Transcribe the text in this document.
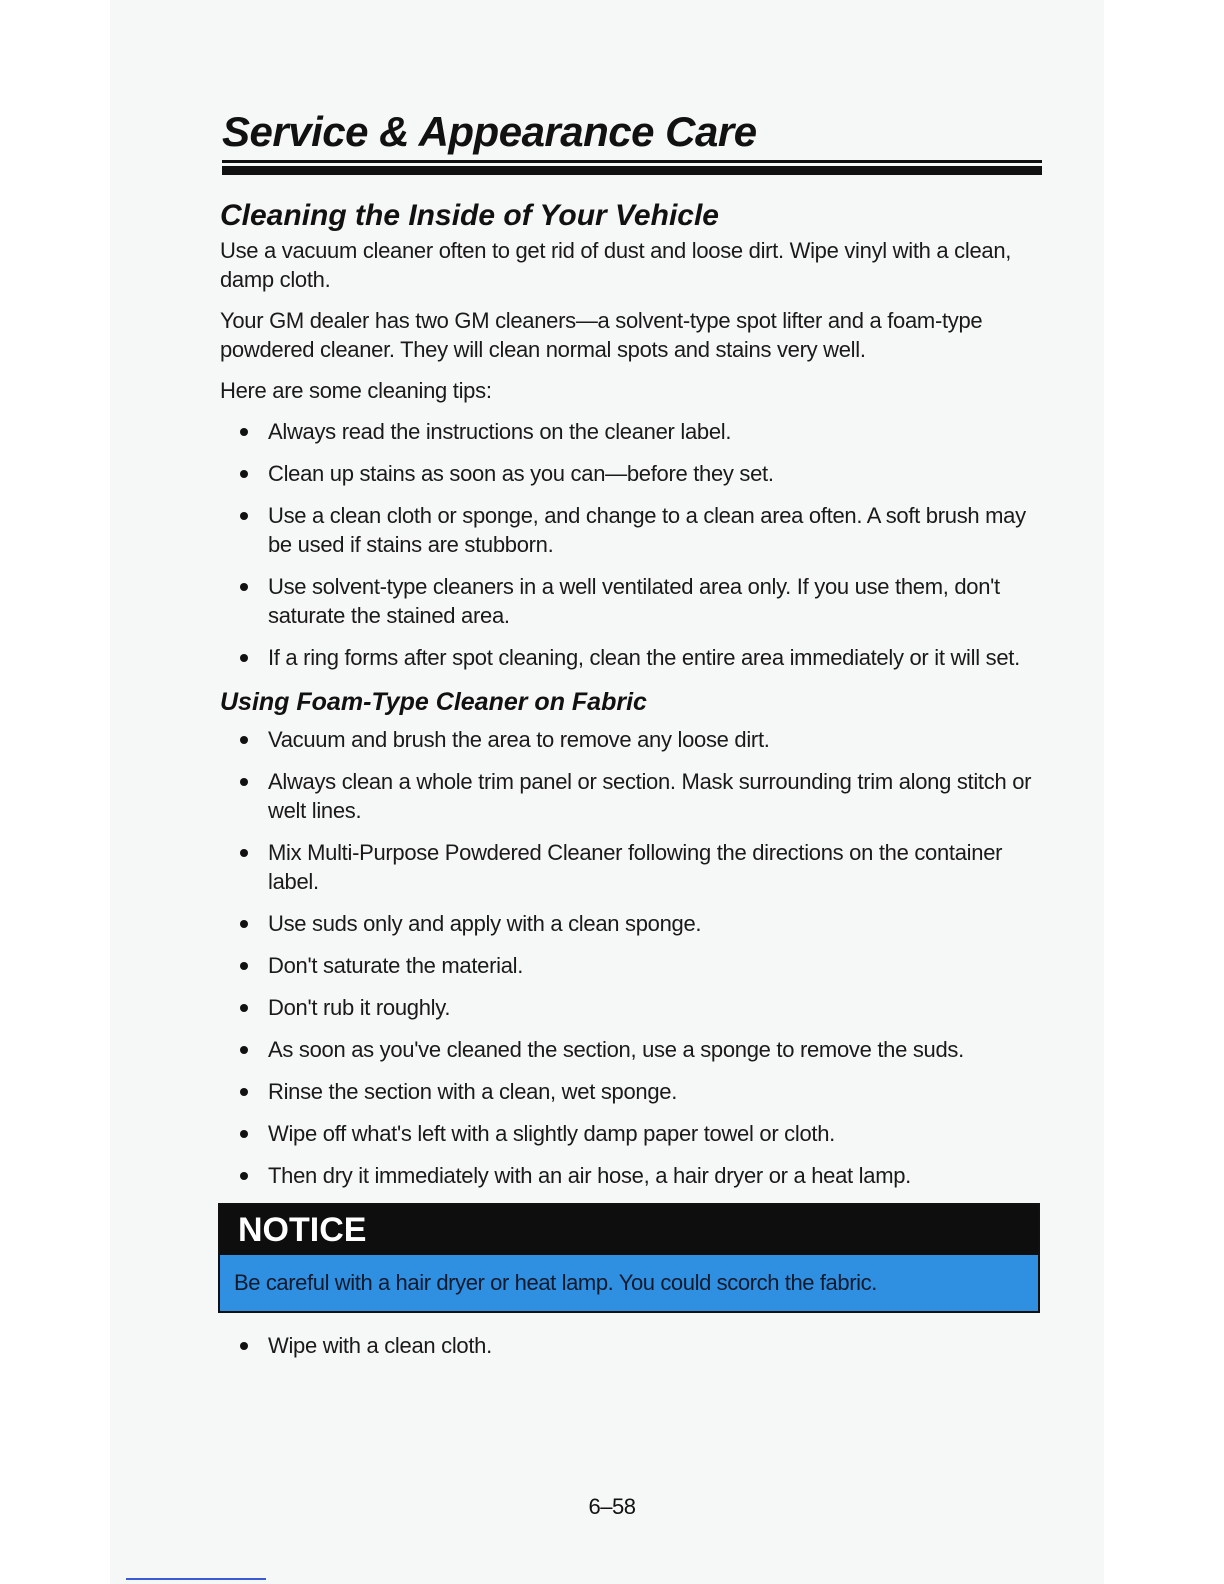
Service & Appearance Care
Cleaning the Inside of Your Vehicle

Use a vacuum cleaner often to get rid of dust and loose dirt. Wipe vinyl with a clean, damp cloth.

Your GM dealer has two GM cleaners—a solvent-type spot lifter and a foam-type powdered cleaner. They will clean normal spots and stains very well.

Here are some cleaning tips:

Always read the instructions on the cleaner label.
Clean up stains as soon as you can—before they set.
Use a clean cloth or sponge, and change to a clean area often. A soft brush may be used if stains are stubborn.
Use solvent-type cleaners in a well ventilated area only. If you use them, don't saturate the stained area.
If a ring forms after spot cleaning, clean the entire area immediately or it will set.
Using Foam-Type Cleaner on Fabric
Vacuum and brush the area to remove any loose dirt.
Always clean a whole trim panel or section. Mask surrounding trim along stitch or welt lines.
Mix Multi-Purpose Powdered Cleaner following the directions on the container label.
Use suds only and apply with a clean sponge.
Don't saturate the material.
Don't rub it roughly.
As soon as you've cleaned the section, use a sponge to remove the suds.
Rinse the section with a clean, wet sponge.
Wipe off what's left with a slightly damp paper towel or cloth.
Then dry it immediately with an air hose, a hair dryer or a heat lamp.
NOTICE
Be careful with a hair dryer or heat lamp. You could scorch the fabric.
Wipe with a clean cloth.
6–58
